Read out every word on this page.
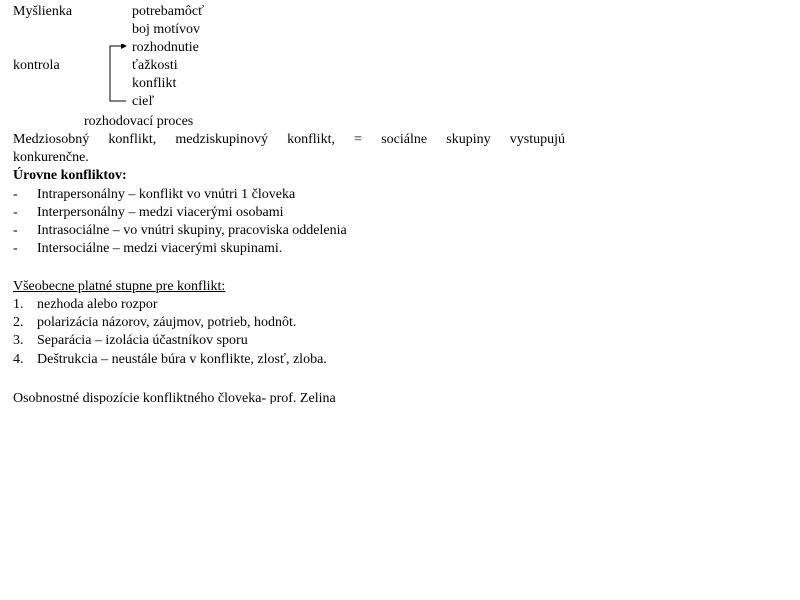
Myšlienka	potrebamôcť
boj motívov
rozhodnutie
kontrola	ťažkosti
konflikt
cieľ
rozhodovací proces
Medziosobný konflikt, medziskupinový konflikt, = sociálne skupiny vystupujú
konkurenčne.
Úrovne konfliktov:
- Intrapersonálny – konflikt vo vnútri 1 človeka
- Interpersonálny – medzi viacerými osobami
- Intrasociálne – vo vnútri skupiny, pracoviska oddelenia
- Intersociálne – medzi viacerými skupinami.
Všeobecne platné stupne pre konflikt:
1. nezhoda alebo rozpor
2. polarizácia názorov, záujmov, potrieb, hodnôt.
3. Separácia – izolácia účastníkov sporu
4. Deštrukcia – neustále búra v konflikte, zlosť, zloba.
Osobnostné dispozície konfliktného človeka- prof. Zelina
